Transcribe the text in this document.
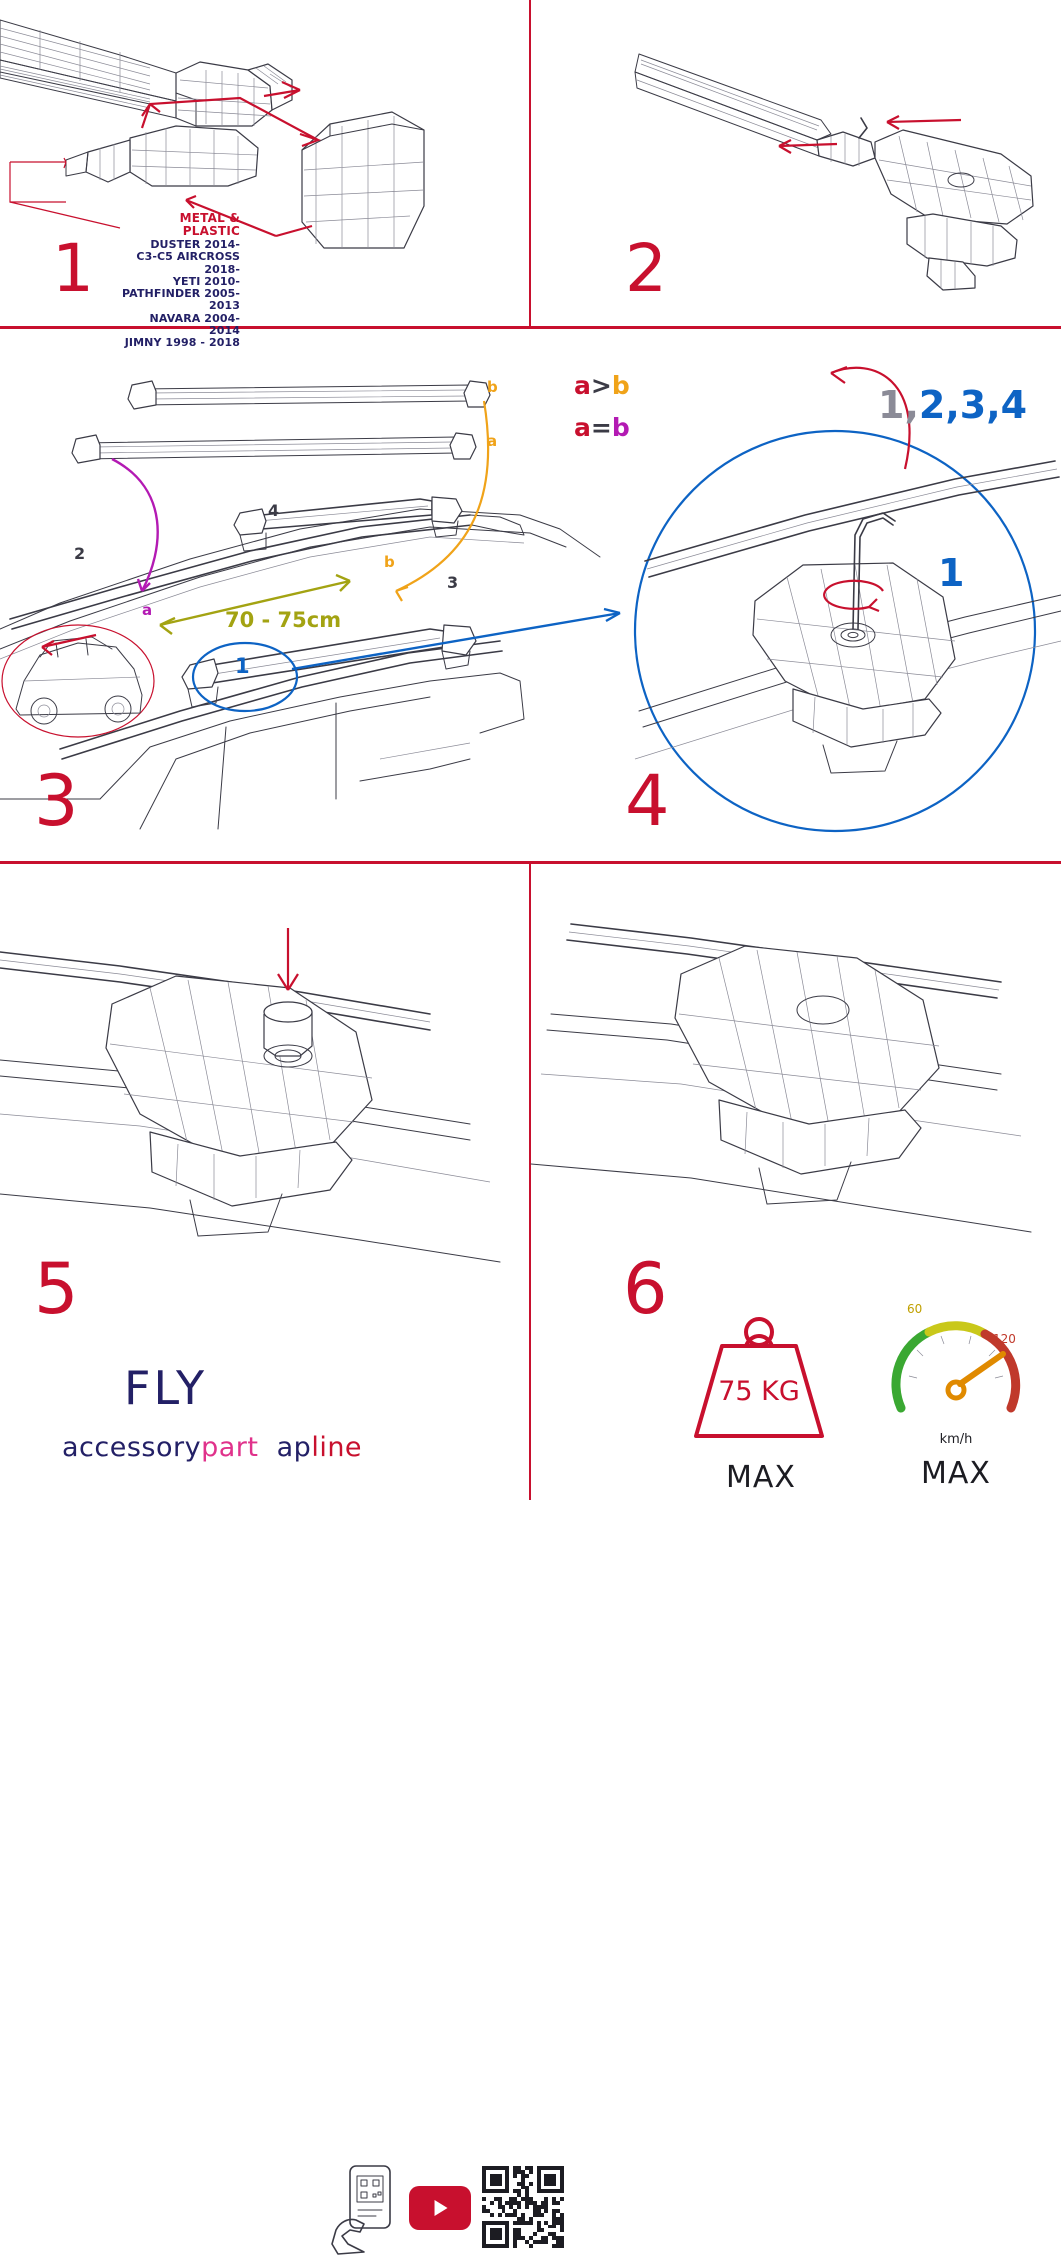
METAL & PLASTIC
DUSTER 2014-
C3-C5 AIRCROSS 2018-
YETI 2010-
PATHFINDER 2005-2013
NAVARA 2004-2014
JIMNY 1998 - 2018
1	2
b
a
a
b
2
3
4
1
70 - 75cm
a>b
a=b
3
1,2,3,4
1
4
5
FLY
accessorypart apline
6
75 KG
MAX
60
120
km/h
MAX
